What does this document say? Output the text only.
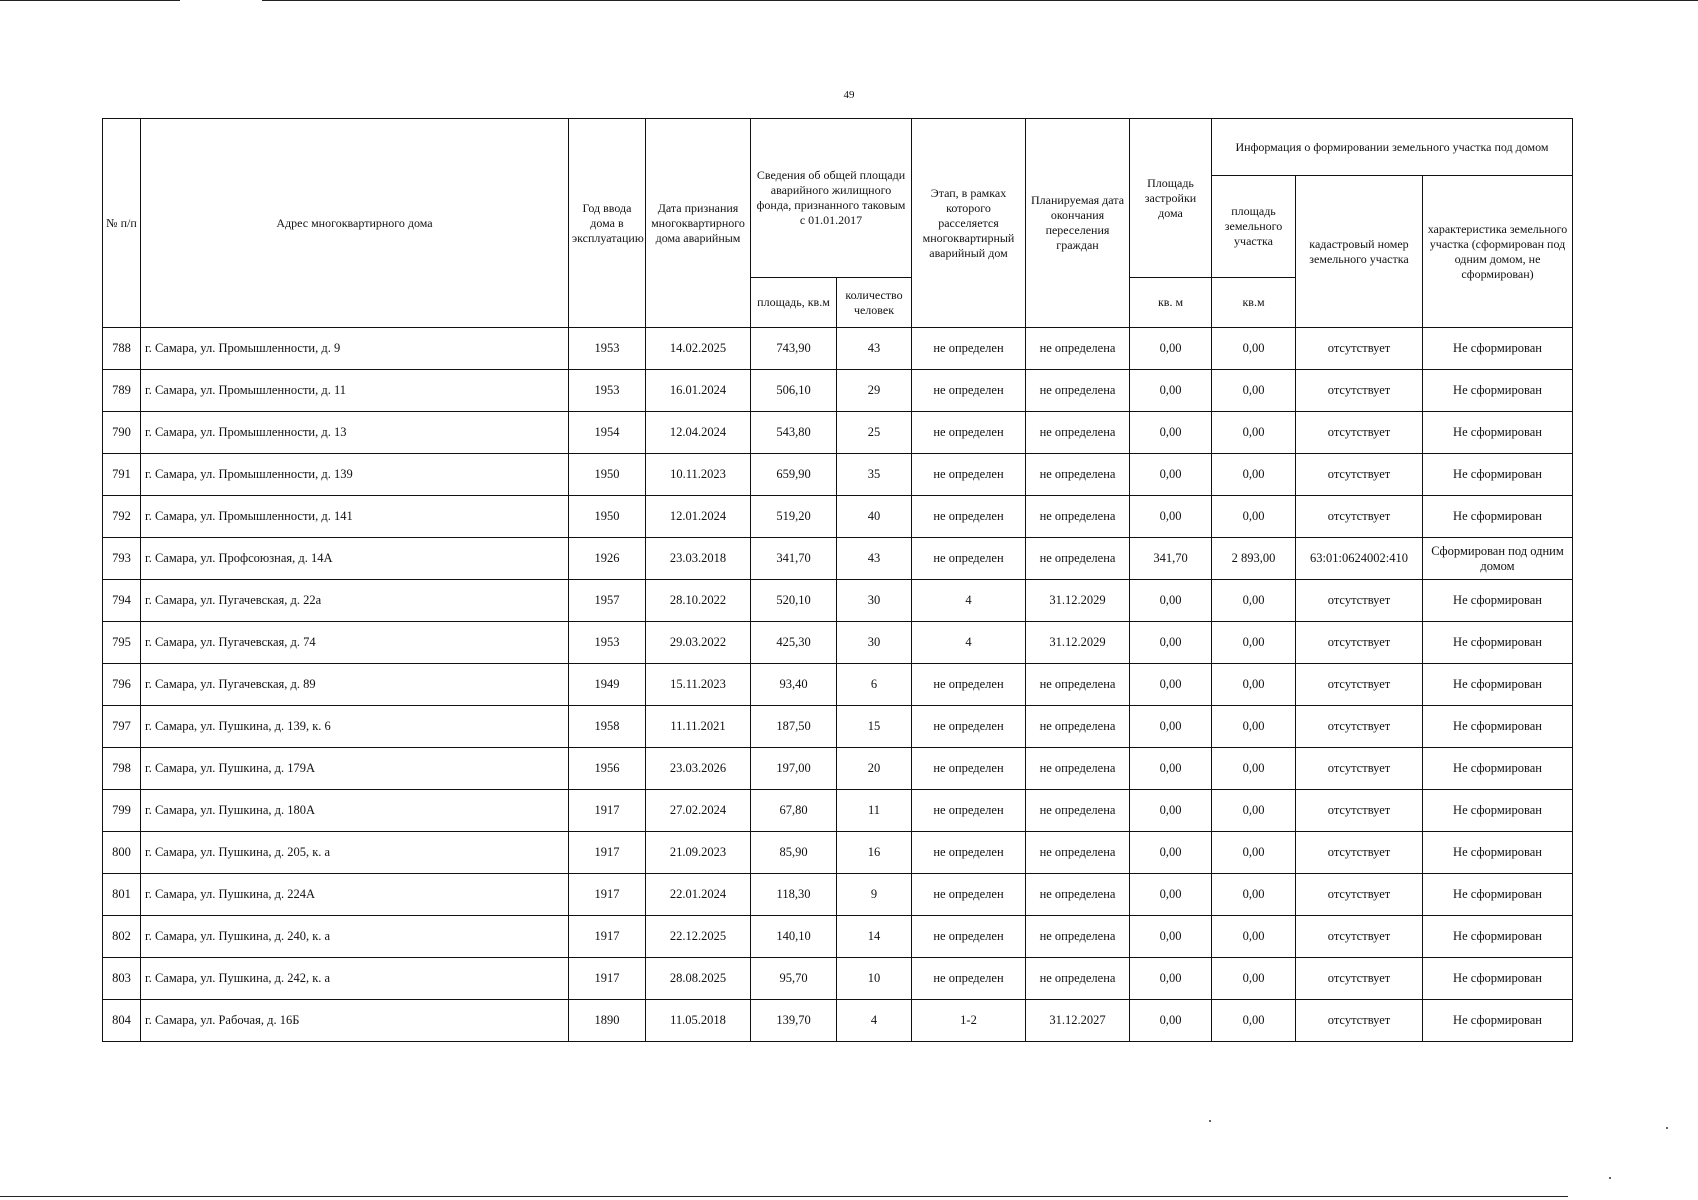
49
№ п/п	Адрес многоквартирного дома	Год ввода дома в эксплуатацию	Дата признания многоквартирного дома аварийным	Сведения об общей площади аварийного жилищного фонда, признанного таковым с 01.01.2017		Этап, в рамках которого расселяется многоквартирный аварийный дом	Планируемая дата окончания переселения граждан	Площадь застройки дома	Информация о формировании земельного участка под домом		
									площадь земельного участка	кадастровый номер земельного участка	характеристика земельного участка (сформирован под одним домом, не сформирован)
				площадь, кв.м	количество человек			кв. м	кв.м		
788	г. Самара, ул. Промышленности, д. 9	1953	14.02.2025	743,90	43	не определен	не определена	0,00	0,00	отсутствует	Не сформирован
789	г. Самара, ул. Промышленности, д. 11	1953	16.01.2024	506,10	29	не определен	не определена	0,00	0,00	отсутствует	Не сформирован
790	г. Самара, ул. Промышленности, д. 13	1954	12.04.2024	543,80	25	не определен	не определена	0,00	0,00	отсутствует	Не сформирован
791	г. Самара, ул. Промышленности, д. 139	1950	10.11.2023	659,90	35	не определен	не определена	0,00	0,00	отсутствует	Не сформирован
792	г. Самара, ул. Промышленности, д. 141	1950	12.01.2024	519,20	40	не определен	не определена	0,00	0,00	отсутствует	Не сформирован
793	г. Самара, ул. Профсоюзная, д. 14А	1926	23.03.2018	341,70	43	не определен	не определена	341,70	2 893,00	63:01:0624002:410	Сформирован под одним домом
794	г. Самара, ул. Пугачевская, д. 22а	1957	28.10.2022	520,10	30	4	31.12.2029	0,00	0,00	отсутствует	Не сформирован
795	г. Самара, ул. Пугачевская, д. 74	1953	29.03.2022	425,30	30	4	31.12.2029	0,00	0,00	отсутствует	Не сформирован
796	г. Самара, ул. Пугачевская, д. 89	1949	15.11.2023	93,40	6	не определен	не определена	0,00	0,00	отсутствует	Не сформирован
797	г. Самара, ул. Пушкина, д. 139, к. 6	1958	11.11.2021	187,50	15	не определен	не определена	0,00	0,00	отсутствует	Не сформирован
798	г. Самара, ул. Пушкина, д. 179А	1956	23.03.2026	197,00	20	не определен	не определена	0,00	0,00	отсутствует	Не сформирован
799	г. Самара, ул. Пушкина, д. 180А	1917	27.02.2024	67,80	11	не определен	не определена	0,00	0,00	отсутствует	Не сформирован
800	г. Самара, ул. Пушкина, д. 205, к. а	1917	21.09.2023	85,90	16	не определен	не определена	0,00	0,00	отсутствует	Не сформирован
801	г. Самара, ул. Пушкина, д. 224А	1917	22.01.2024	118,30	9	не определен	не определена	0,00	0,00	отсутствует	Не сформирован
802	г. Самара, ул. Пушкина, д. 240, к. а	1917	22.12.2025	140,10	14	не определен	не определена	0,00	0,00	отсутствует	Не сформирован
803	г. Самара, ул. Пушкина, д. 242, к. а	1917	28.08.2025	95,70	10	не определен	не определена	0,00	0,00	отсутствует	Не сформирован
804	г. Самара, ул. Рабочая, д. 16Б	1890	11.05.2018	139,70	4	1-2	31.12.2027	0,00	0,00	отсутствует	Не сформирован
